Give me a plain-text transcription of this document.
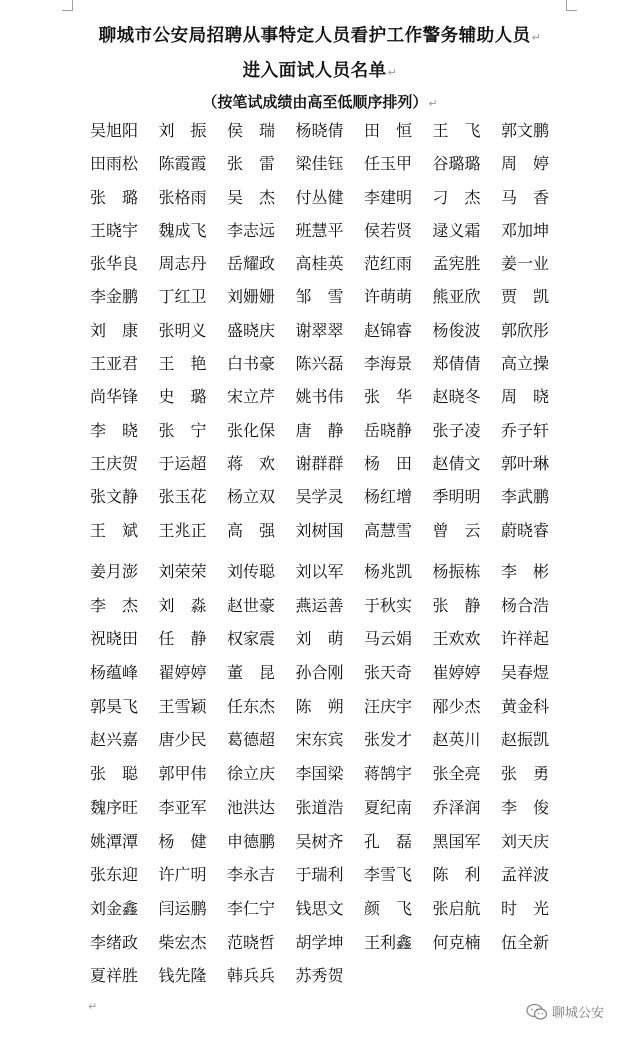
聊城市公安局招聘从事特定人员看护工作警务辅助人员↵
进入面试人员名单↵
（按笔试成绩由高至低顺序排列）↵
吴旭阳	刘　振	侯　瑞	杨晓倩	田　恒	王　飞	郭文鹏
田雨松	陈霞霞	张　雷	梁佳钰	任玉甲	谷璐璐	周　婷
张　璐	张格雨	吴　杰	付丛健	李建明	刁　杰	马　香
王晓宇	魏成飞	李志远	班慧平	侯若贤	逯义霜	邓加坤
张华良	周志丹	岳耀政	高桂英	范红雨	孟宪胜	姜一业
李金鹏	丁红卫	刘姗姗	邹　雪	许萌萌	熊亚欣	贾　凯
刘　康	张明义	盛晓庆	谢翠翠	赵锦睿	杨俊波	郭欣彤
王亚君	王　艳	白书豪	陈兴磊	李海景	郑倩倩	高立操
尚华锋	史　璐	宋立芹	姚书伟	张　华	赵晓冬	周　晓
李　晓	张　宁	张化保	唐　静	岳晓静	张子凌	乔子轩
王庆贺	于运超	蒋　欢	谢群群	杨　田	赵倩文	郭叶琳
张文静	张玉花	杨立双	吴学灵	杨红增	季明明	李武鹏
王　斌	王兆正	高　强	刘树国	高慧雪	曾　云	蔚晓睿
姜月澎	刘荣荣	刘传聪	刘以军	杨兆凯	杨振栋	李　彬
李　杰	刘　淼	赵世豪	燕运善	于秋实	张　静	杨合浩
祝晓田	任　静	权家震	刘　萌	马云娟	王欢欢	许祥起
杨蕴峰	翟婷婷	董　昆	孙合刚	张天奇	崔婷婷	吴春煜
郭昊飞	王雪颖	任东杰	陈　朔	汪庆宇	邴少杰	黄金科
赵兴嘉	唐少民	葛德超	宋东宾	张发才	赵英川	赵振凯
张　聪	郭甲伟	徐立庆	李国梁	蒋鹄宇	张全亮	张　勇
魏序旺	李亚军	池洪达	张道浩	夏纪南	乔泽润	李　俊
姚潭潭	杨　健	申德鹏	吴树齐	孔　磊	黑国军	刘天庆
张东迎	许广明	李永吉	于瑞利	李雪飞	陈　利	孟祥波
刘金鑫	闫运鹏	李仁宁	钱思文	颜　飞	张启航	时　光
李绪政	柴宏杰	范晓哲	胡学坤	王利鑫	何克楠	伍全新
夏祥胜	钱先隆	韩兵兵	苏秀贺
↵	聊城公安
